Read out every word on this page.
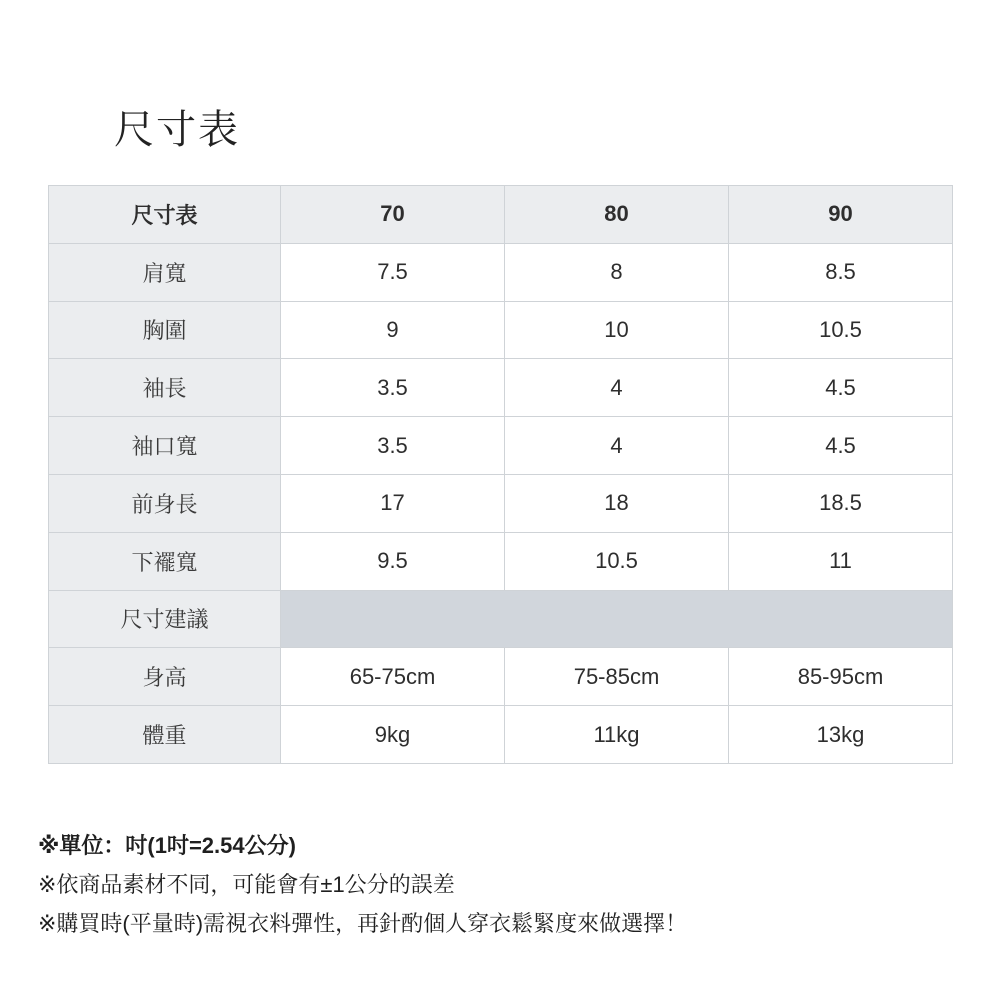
尺寸表
尺寸表	70	80	90
肩寬	7.5	8	8.5
胸圍	9	10	10.5
袖長	3.5	4	4.5
袖口寬	3.5	4	4.5
前身長	17	18	18.5
下襬寬	9.5	10.5	11
尺寸建議			
身高	65-75cm	75-85cm	85-95cm
體重	9kg	11kg	13kg
※單位：吋(1吋=2.54公分)
※依商品素材不同，可能會有±1公分的誤差
※購買時(平量時)需視衣料彈性，再針酌個人穿衣鬆緊度來做選擇！
